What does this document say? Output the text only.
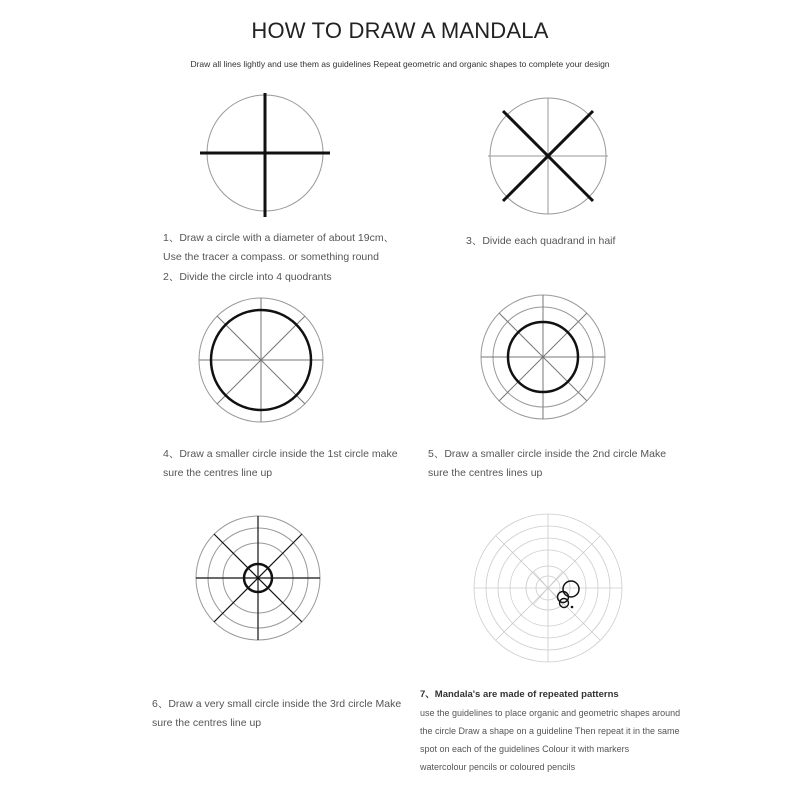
HOW TO DRAW A MANDALA
Draw all lines lightly and use them as guidelines Repeat geometric and organic shapes to complete your design

1、Draw a circle with a diameter of about 19cm、

Use the tracer a compass. or something round

2、Divide the circle into 4 quodrants

3、Divide each quadrand in haif

4、Draw a smaller circle inside the 1st circle make

sure the centres line up

5、Draw a smaller circle inside the 2nd circle Make

sure the centres lines up

6、Draw a very small circle inside the 3rd circle Make

sure the centres line up

7、Mandala's are made of repeated patterns

use the guidelines to place organic and geometric shapes around

the circle Draw a shape on a guideline Then repeat it in the same

spot on each of the guidelines Colour it with markers

watercolour pencils or coloured pencils
